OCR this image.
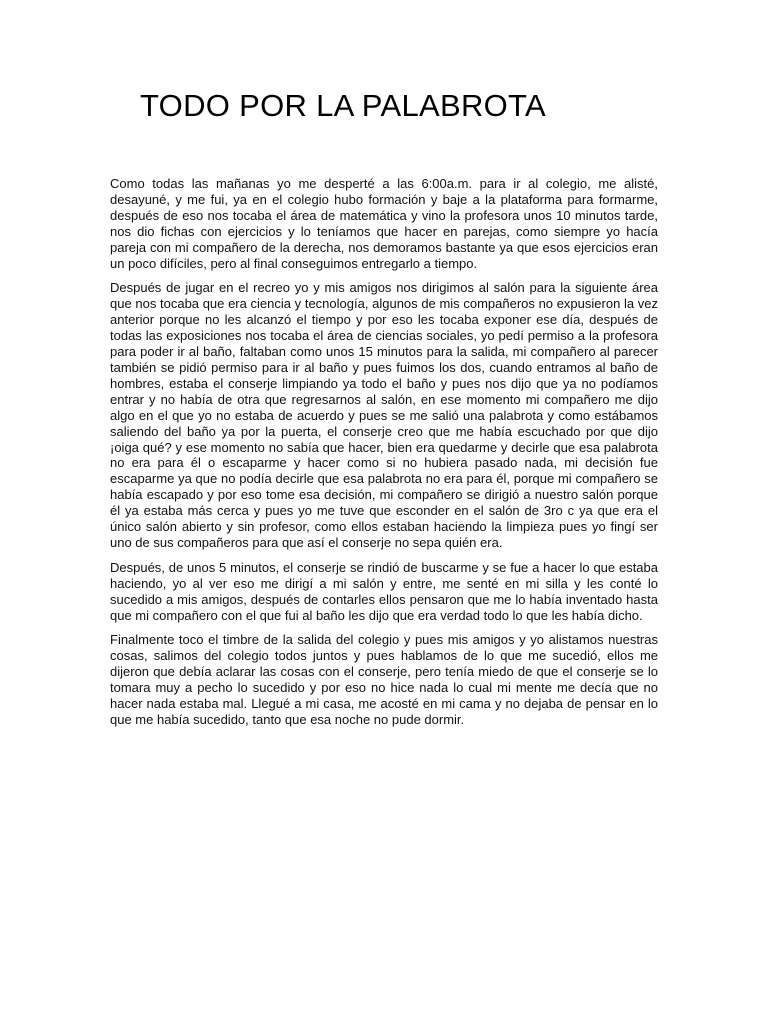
TODO POR LA PALABROTA

Como todas las mañanas yo me desperté a las 6:00a.m. para ir al colegio, me alisté, desayuné, y me fui, ya en el colegio hubo formación y baje a la plataforma para formarme, después de eso nos tocaba el área de matemática y vino la profesora unos 10 minutos tarde, nos dio fichas con ejercicios y lo teníamos que hacer en parejas, como siempre yo hacía pareja con mi compañero de la derecha, nos demoramos bastante ya que esos ejercicios eran un poco difíciles, pero al final conseguimos entregarlo a tiempo.

Después de jugar en el recreo yo y mis amigos nos dirigimos al salón para la siguiente área que nos tocaba que era ciencia y tecnología, algunos de mis compañeros no expusieron la vez anterior porque no les alcanzó el tiempo y por eso les tocaba exponer ese día, después de todas las exposiciones nos tocaba el área de ciencias sociales, yo pedí permiso a la profesora para poder ir al baño, faltaban como unos 15 minutos para la salida, mi compañero al parecer también se pidió permiso para ir al baño y pues fuimos los dos, cuando entramos al baño de hombres, estaba el conserje limpiando ya todo el baño y pues nos dijo que ya no podíamos entrar y no había de otra que regresarnos al salón, en ese momento mi compañero me dijo algo en el que yo no estaba de acuerdo y pues se me salió una palabrota y como estábamos saliendo del baño ya por la puerta, el conserje creo que me había escuchado por que dijo ¡oiga qué? y ese momento no sabía que hacer, bien era quedarme y decirle que esa palabrota no era para él o escaparme y hacer como si no hubiera pasado nada, mi decisión fue escaparme ya que no podía decirle que esa palabrota no era para él, porque mi compañero se había escapado y por eso tome esa decisión, mi compañero se dirigió a nuestro salón porque él ya estaba más cerca y pues yo me tuve que esconder en el salón de 3ro c ya que era el único salón abierto y sin profesor, como ellos estaban haciendo la limpieza pues yo fingí ser uno de sus compañeros para que así el conserje no sepa quién era.

Después, de unos 5 minutos, el conserje se rindió de buscarme y se fue a hacer lo que estaba haciendo, yo al ver eso me dirigí a mi salón y entre, me senté en mi silla y les conté lo sucedido a mis amigos, después de contarles ellos pensaron que me lo había inventado hasta que mi compañero con el que fui al baño les dijo que era verdad todo lo que les había dicho.

Finalmente toco el timbre de la salida del colegio y pues mis amigos y yo alistamos nuestras cosas, salimos del colegio todos juntos y pues hablamos de lo que me sucedió, ellos me dijeron que debía aclarar las cosas con el conserje, pero tenía miedo de que el conserje se lo tomara muy a pecho lo sucedido y por eso no hice nada lo cual mi mente me decía que no hacer nada estaba mal. Llegué a mi casa, me acosté en mi cama y no dejaba de pensar en lo que me había sucedido, tanto que esa noche no pude dormir.
